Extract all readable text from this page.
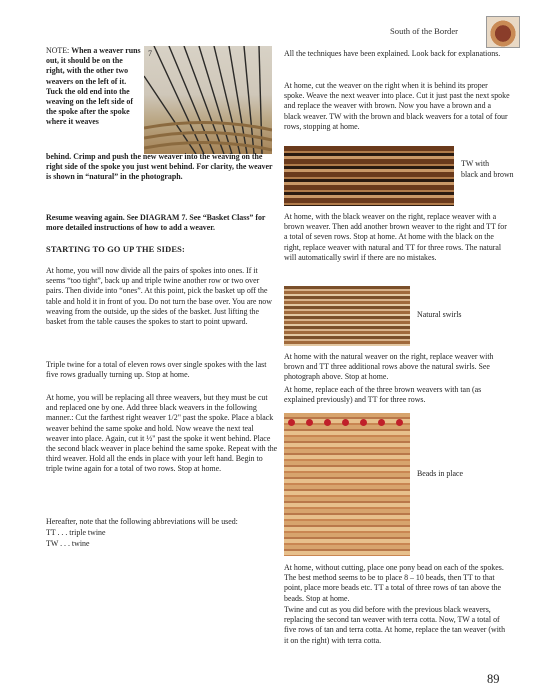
South of the Border
7
NOTE: When a weaver runs out, it should be on the right, with the other two weavers on the left of it. Tuck the old end into the weaving on the left side of the spoke after the spoke where it weaves
behind. Crimp and push the new weaver into the weaving on the right side of the spoke you just went behind. For clarity, the weaver is shown in “natural” in the photograph.
Resume weaving again. See DIAGRAM 7. See “Basket Class” for more detailed instructions of how to add a weaver.
STARTING TO GO UP THE SIDES:

At home, you will now divide all the pairs of spokes into ones. If it seems “too tight”, back up and triple twine another row or two over pairs. Then divide into “ones”. At this point, pick the basket up off the table and hold it in front of you. Do not turn the base over. You are now weaving from the outside, up the sides of the basket. Just lifting the basket from the table causes the spokes to start to point upward.

Triple twine for a total of eleven rows over single spokes with the last five rows gradually turning up. Stop at home.

At home, you will be replacing all three weavers, but they must be cut and replaced one by one. Add three black weavers in the following manner.: Cut the farthest right weaver 1/2" past the spoke. Place a black weaver behind the same spoke and hold. Now weave the next teal weaver into place. Again, cut it ½" past the spoke it went behind. Place the second black weaver in place behind the same spoke. Repeat with the third weaver. Hold all the ends in place with your left hand. Begin to triple twine again for a total of two rows. Stop at home.

Hereafter, note that the following abbreviations will be used:

TT . . . triple twine

TW . . . twine

All the techniques have been explained. Look back for explanations.

At home, cut the weaver on the right when it is behind its proper spoke. Weave the next weaver into place. Cut it just past the next spoke and replace the weaver with brown. Now you have a brown and a black weaver. TW with the brown and black weavers for a total of four rows, stopping at home.

TW with
black and brown

At home, with the black weaver on the right, replace weaver with a brown weaver. Then add another brown weaver to the right and TT for a total of seven rows. Stop at home. At home with the black on the right, replace weaver with natural and TT for three rows. The natural will automatically swirl if there are no mistakes.

Natural swirls

At home with the natural weaver on the right, replace weaver with brown and TT three additional rows above the natural swirls. See photograph above. Stop at home.

At home, replace each of the three brown weavers with tan (as explained previously) and TT for three rows.

Beads in place

At home, without cutting, place one pony bead on each of the spokes. The best method seems to be to place 8 – 10 beads, then TT to that point, place more beads etc. TT a total of three rows of tan above the beads. Stop at home.

Twine and cut as you did before with the previous black weavers, replacing the second tan weaver with terra cotta. Now, TW a total of five rows of tan and terra cotta. At home, replace the tan weaver (with it on the right) with terra cotta.

89
